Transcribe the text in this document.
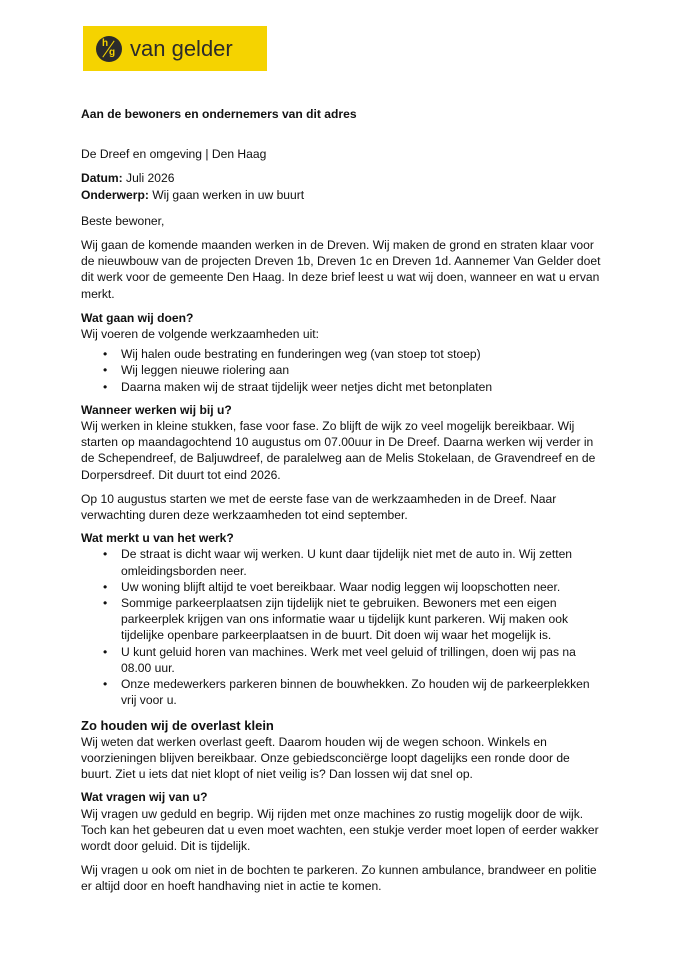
h
g van gelder

Aan de bewoners en ondernemers van dit adres

De Dreef en omgeving | Den Haag

Datum: Juli 2026

Onderwerp: Wij gaan werken in uw buurt

Beste bewoner,

Wij gaan de komende maanden werken in de Dreven. Wij maken de grond en straten klaar voor de nieuwbouw van de projecten Dreven 1b, Dreven 1c en Dreven 1d. Aannemer Van Gelder doet dit werk voor de gemeente Den Haag. In deze brief leest u wat wij doen, wanneer en wat u ervan merkt.

Wat gaan wij doen?

Wij voeren de volgende werkzaamheden uit:

• Wij halen oude bestrating en funderingen weg (van stoep tot stoep)
• Wij leggen nieuwe riolering aan
• Daarna maken wij de straat tijdelijk weer netjes dicht met betonplaten
Wanneer werken wij bij u?

Wij werken in kleine stukken, fase voor fase. Zo blijft de wijk zo veel mogelijk bereikbaar. Wij starten op maandagochtend 10 augustus om 07.00uur in De Dreef. Daarna werken wij verder in de Schependreef, de Baljuwdreef, de paralelweg aan de Melis Stokelaan, de Gravendreef en de Dorpersdreef. Dit duurt tot eind 2026.

Op 10 augustus starten we met de eerste fase van de werkzaamheden in de Dreef. Naar verwachting duren deze werkzaamheden tot eind september.

Wat merkt u van het werk?
• De straat is dicht waar wij werken. U kunt daar tijdelijk niet met de auto in. Wij zetten omleidingsborden neer.
• Uw woning blijft altijd te voet bereikbaar. Waar nodig leggen wij loopschotten neer.
• Sommige parkeerplaatsen zijn tijdelijk niet te gebruiken. Bewoners met een eigen parkeerplek krijgen van ons informatie waar u tijdelijk kunt parkeren. Wij maken ook tijdelijke openbare parkeerplaatsen in de buurt. Dit doen wij waar het mogelijk is.
• U kunt geluid horen van machines. Werk met veel geluid of trillingen, doen wij pas na 08.00 uur.
• Onze medewerkers parkeren binnen de bouwhekken. Zo houden wij de parkeerplekken vrij voor u.
Zo houden wij de overlast klein

Wij weten dat werken overlast geeft. Daarom houden wij de wegen schoon. Winkels en voorzieningen blijven bereikbaar. Onze gebiedsconciërge loopt dagelijks een ronde door de buurt. Ziet u iets dat niet klopt of niet veilig is? Dan lossen wij dat snel op.

Wat vragen wij van u?

Wij vragen uw geduld en begrip. Wij rijden met onze machines zo rustig mogelijk door de wijk. Toch kan het gebeuren dat u even moet wachten, een stukje verder moet lopen of eerder wakker wordt door geluid. Dit is tijdelijk.

Wij vragen u ook om niet in de bochten te parkeren. Zo kunnen ambulance, brandweer en politie er altijd door en hoeft handhaving niet in actie te komen.
